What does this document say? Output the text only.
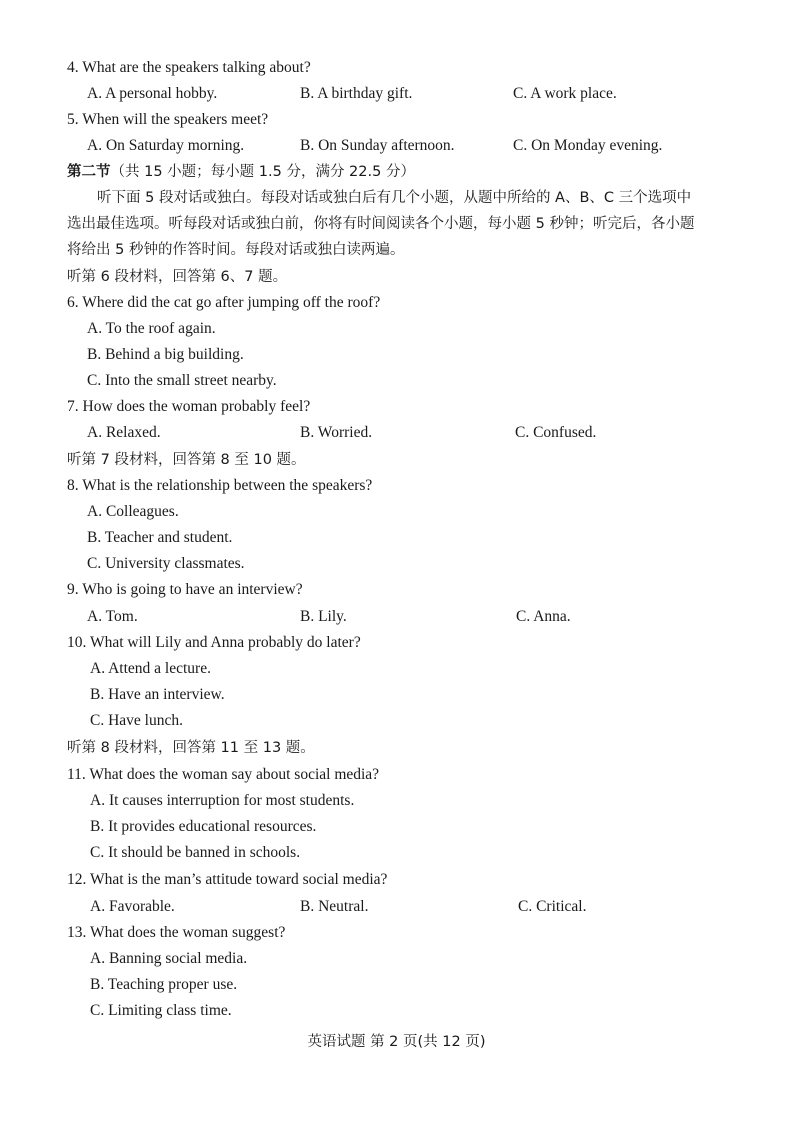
4. What are the speakers talking about?
A. A personal hobby.	B. A birthday gift.	C. A work place.
5. When will the speakers meet?
A. On Saturday morning.	B. On Sunday afternoon.	C. On Monday evening.
第二节（共 15 小题；每小题 1.5 分，满分 22.5 分）
听下面 5 段对话或独白。每段对话或独白后有几个小题，从题中所给的 A、B、C 三个选项中
选出最佳选项。听每段对话或独白前，你将有时间阅读各个小题，每小题 5 秒钟；听完后，各小题
将给出 5 秒钟的作答时间。每段对话或独白读两遍。
听第 6 段材料，回答第 6、7 题。
6. Where did the cat go after jumping off the roof?
A. To the roof again.
B. Behind a big building.
C. Into the small street nearby.
7. How does the woman probably feel?
A. Relaxed.	B. Worried.	C. Confused.
听第 7 段材料，回答第 8 至 10 题。
8. What is the relationship between the speakers?
A. Colleagues.
B. Teacher and student.
C. University classmates.
9. Who is going to have an interview?
A. Tom.	B. Lily.	C. Anna.
10. What will Lily and Anna probably do later?
A. Attend a lecture.
B. Have an interview.
C. Have lunch.
听第 8 段材料，回答第 11 至 13 题。
11. What does the woman say about social media?
A. It causes interruption for most students.
B. It provides educational resources.
C. It should be banned in schools.
12. What is the man’s attitude toward social media?
A. Favorable.	B. Neutral.	C. Critical.
13. What does the woman suggest?
A. Banning social media.
B. Teaching proper use.
C. Limiting class time.
英语试题 第 2 页(共 12 页)
